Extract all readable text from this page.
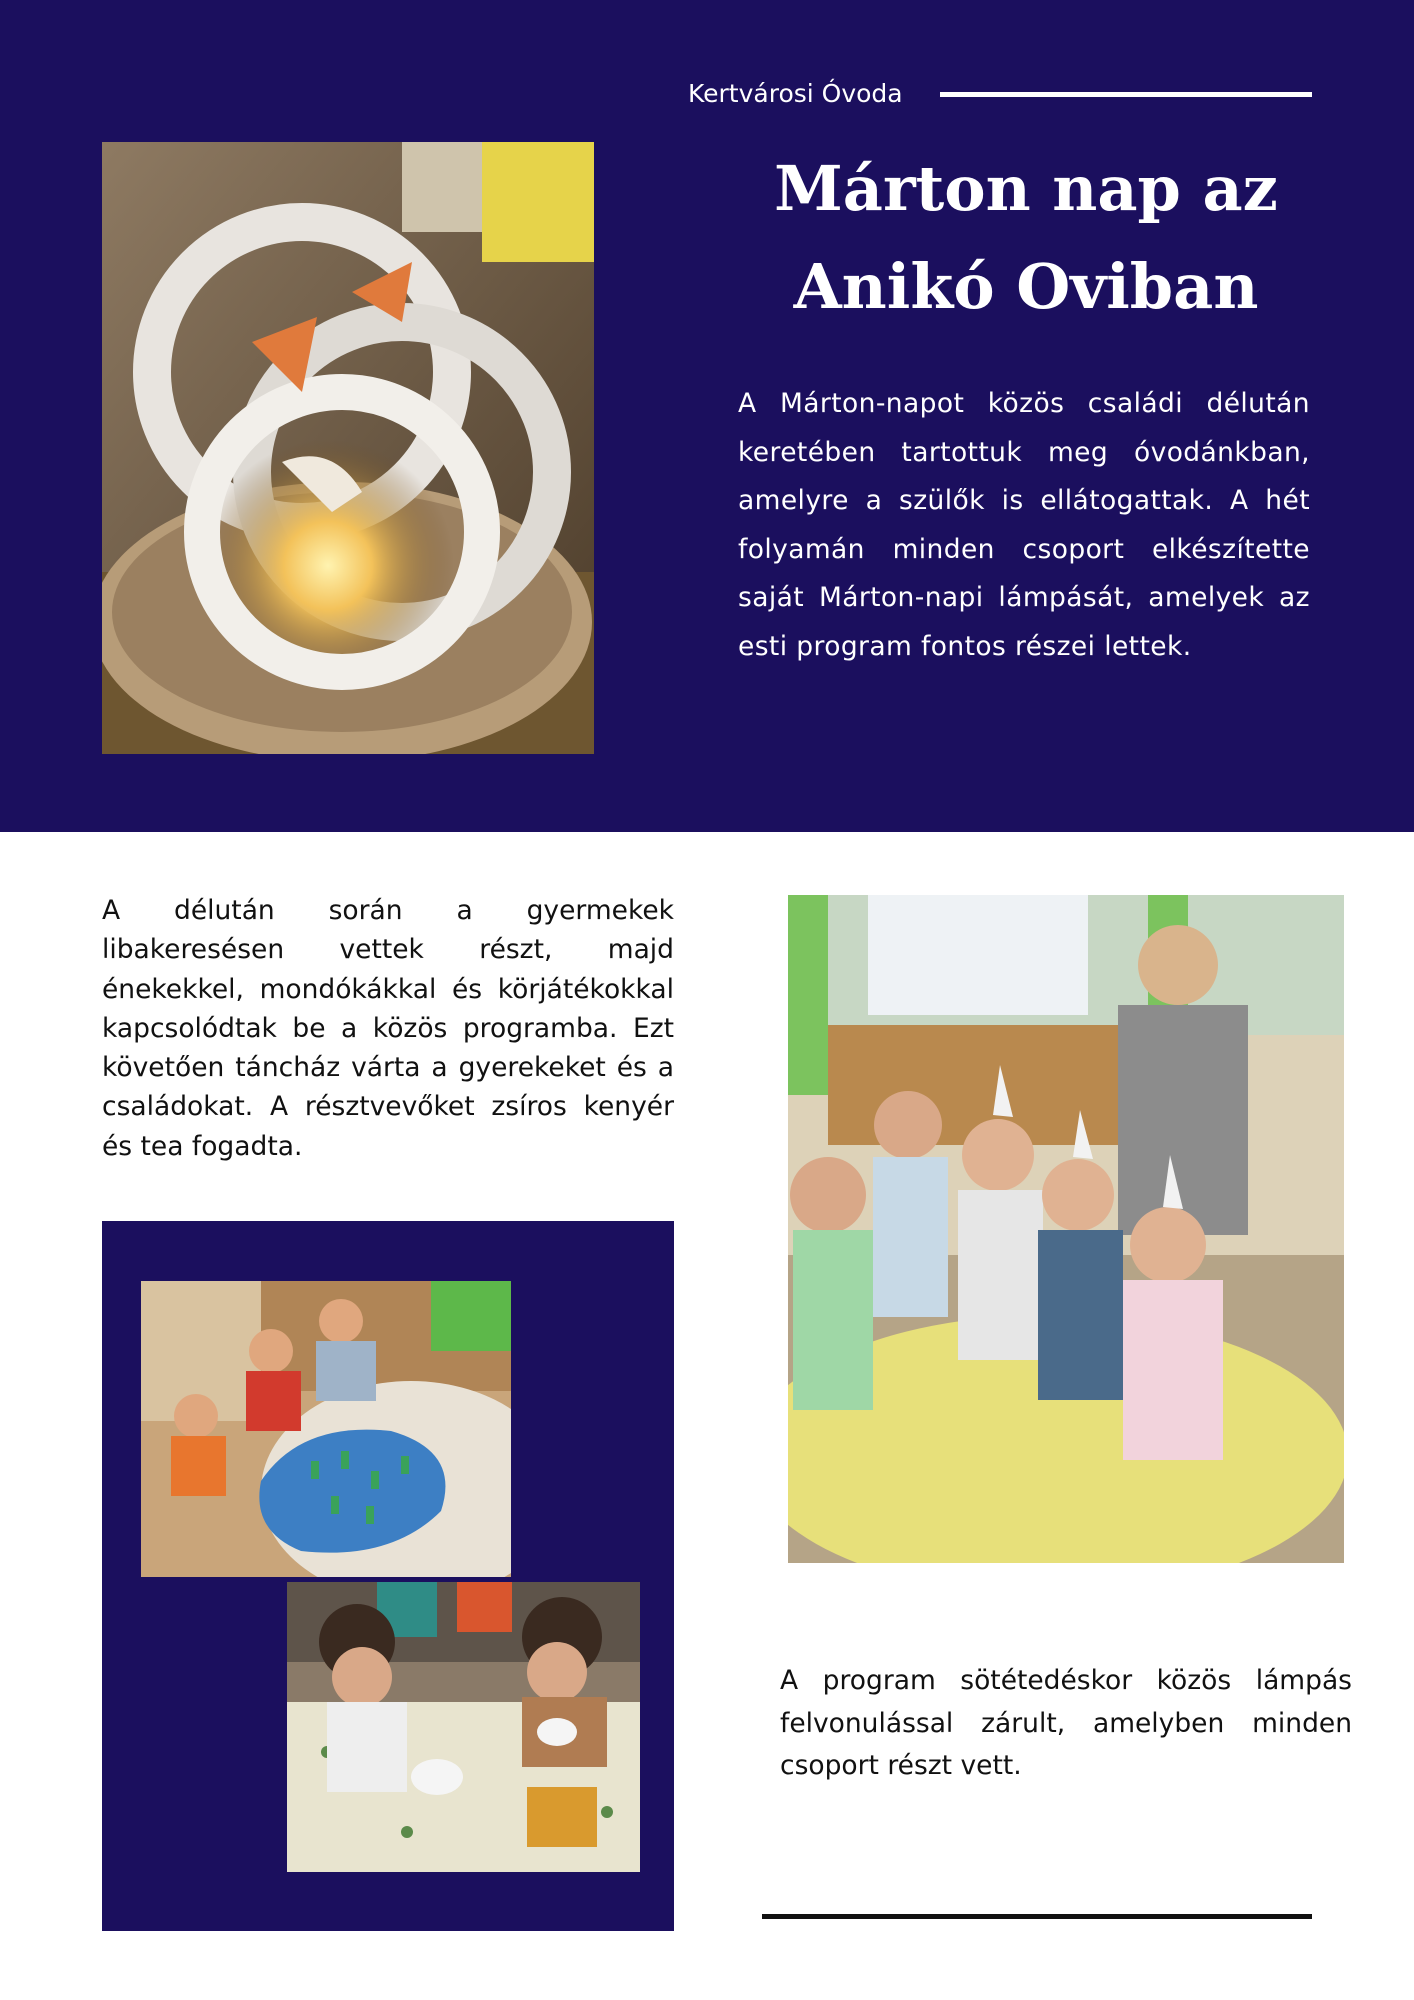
Kertvárosi Óvoda
Márton nap az
Anikó Oviban

A Márton-napot közös családi délután keretében tartottuk meg óvodánkban, amelyre a szülők is ellátogattak. A hét folyamán minden csoport elkészítette saját Márton-napi lámpását, amelyek az esti program fontos részei lettek.

A délután során a gyermekek libakeresésen vettek részt, majd énekekkel, mondókákkal és körjátékokkal kapcsolódtak be a közös programba. Ezt követően táncház várta a gyerekeket és a családokat. A résztvevőket zsíros kenyér és tea fogadta.

A program sötétedéskor közös lámpás felvonulással zárult, amelyben minden csoport részt vett.
